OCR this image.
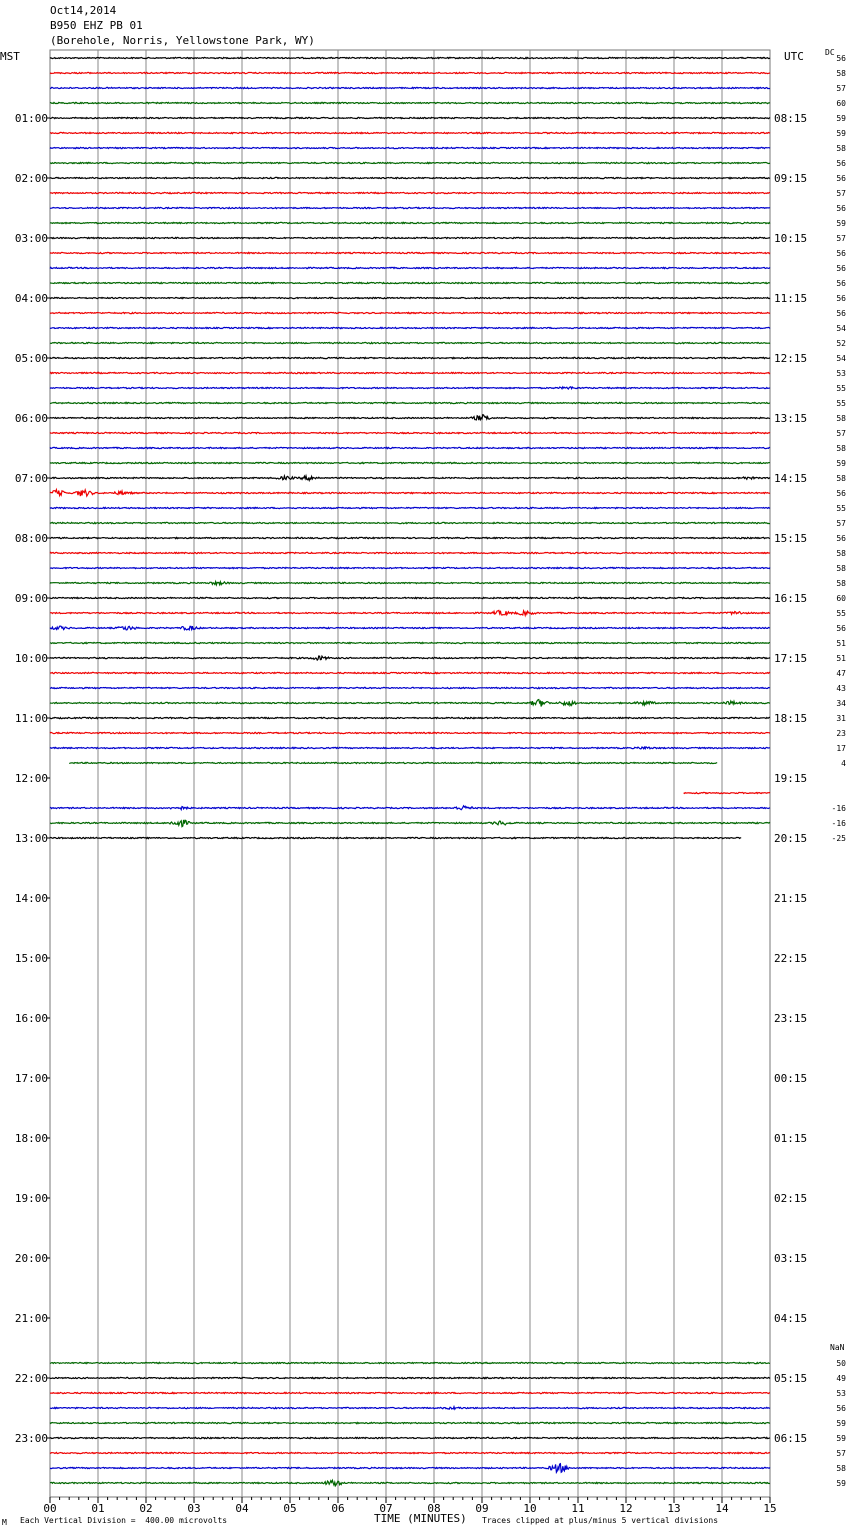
56
58
57
60
59
59
58
56
56
57
56
59
57
56
56
56
56
56
54
52
54
53
55
55
58
57
58
59
58
56
55
57
56
58
58
58
60
55
56
51
51
47
43
34
31
23
17
4
-16
-16
-25
50
49
53
56
59
59
57
58
59
01:00
02:00
03:00
04:00
05:00
06:00
07:00
08:00
09:00
10:00
11:00
12:00
13:00
14:00
15:00
16:00
17:00
18:00
19:00
20:00
21:00
22:00
23:00
08:15
09:15
10:15
11:15
12:15
13:15
14:15
15:15
16:15
17:15
18:15
19:15
20:15
21:15
22:15
23:15
00:15
01:15
02:15
03:15
04:15
05:15
06:15
00	01	02	03	04	05	06	07	08	09	10	11	12	13	14	15
Oct14,2014
B950 EHZ PB 01
(Borehole, Norris, Yellowstone Park, WY)
MST	UTC	DC
NaN
M Each Vertical Division =  400.00 microvolts	TIME (MINUTES) Traces clipped at plus/minus 5 vertical divisions
